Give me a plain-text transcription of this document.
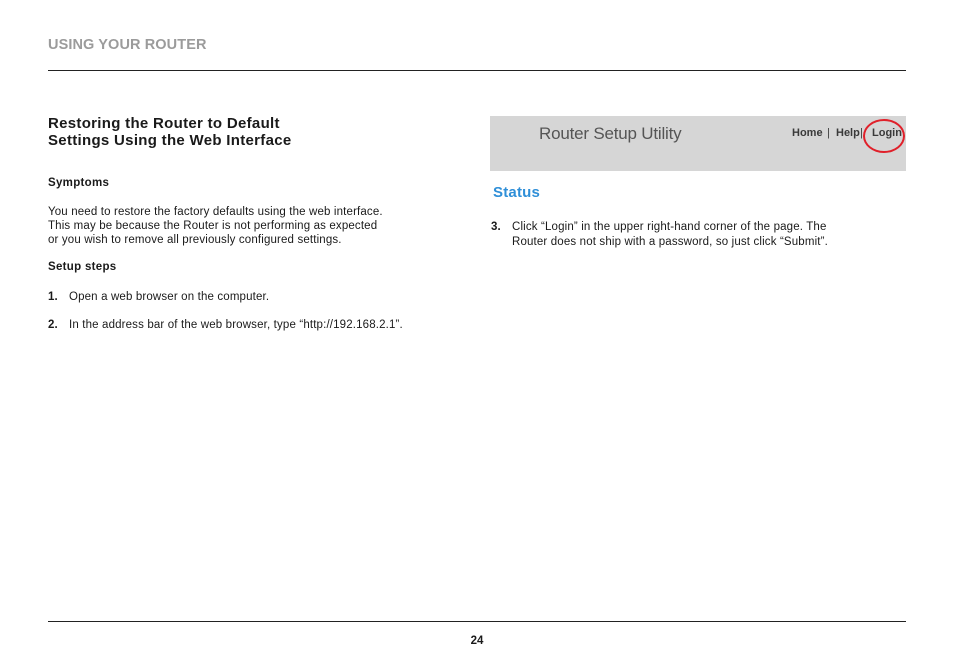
USING YOUR ROUTER
Restoring the Router to Default
Settings Using the Web Interface
Symptoms
You need to restore the factory defaults using the web interface.
This may be because the Router is not performing as expected
or you wish to remove all previously configured settings.
Setup steps
1. Open a web browser on the computer.
2. In the address bar of the web browser, type “http://192.168.2.1”.
Router Setup Utility	Home | Help | Login
Status
3. Click “Login” in the upper right-hand corner of the page. The
Router does not ship with a password, so just click “Submit”.
24
